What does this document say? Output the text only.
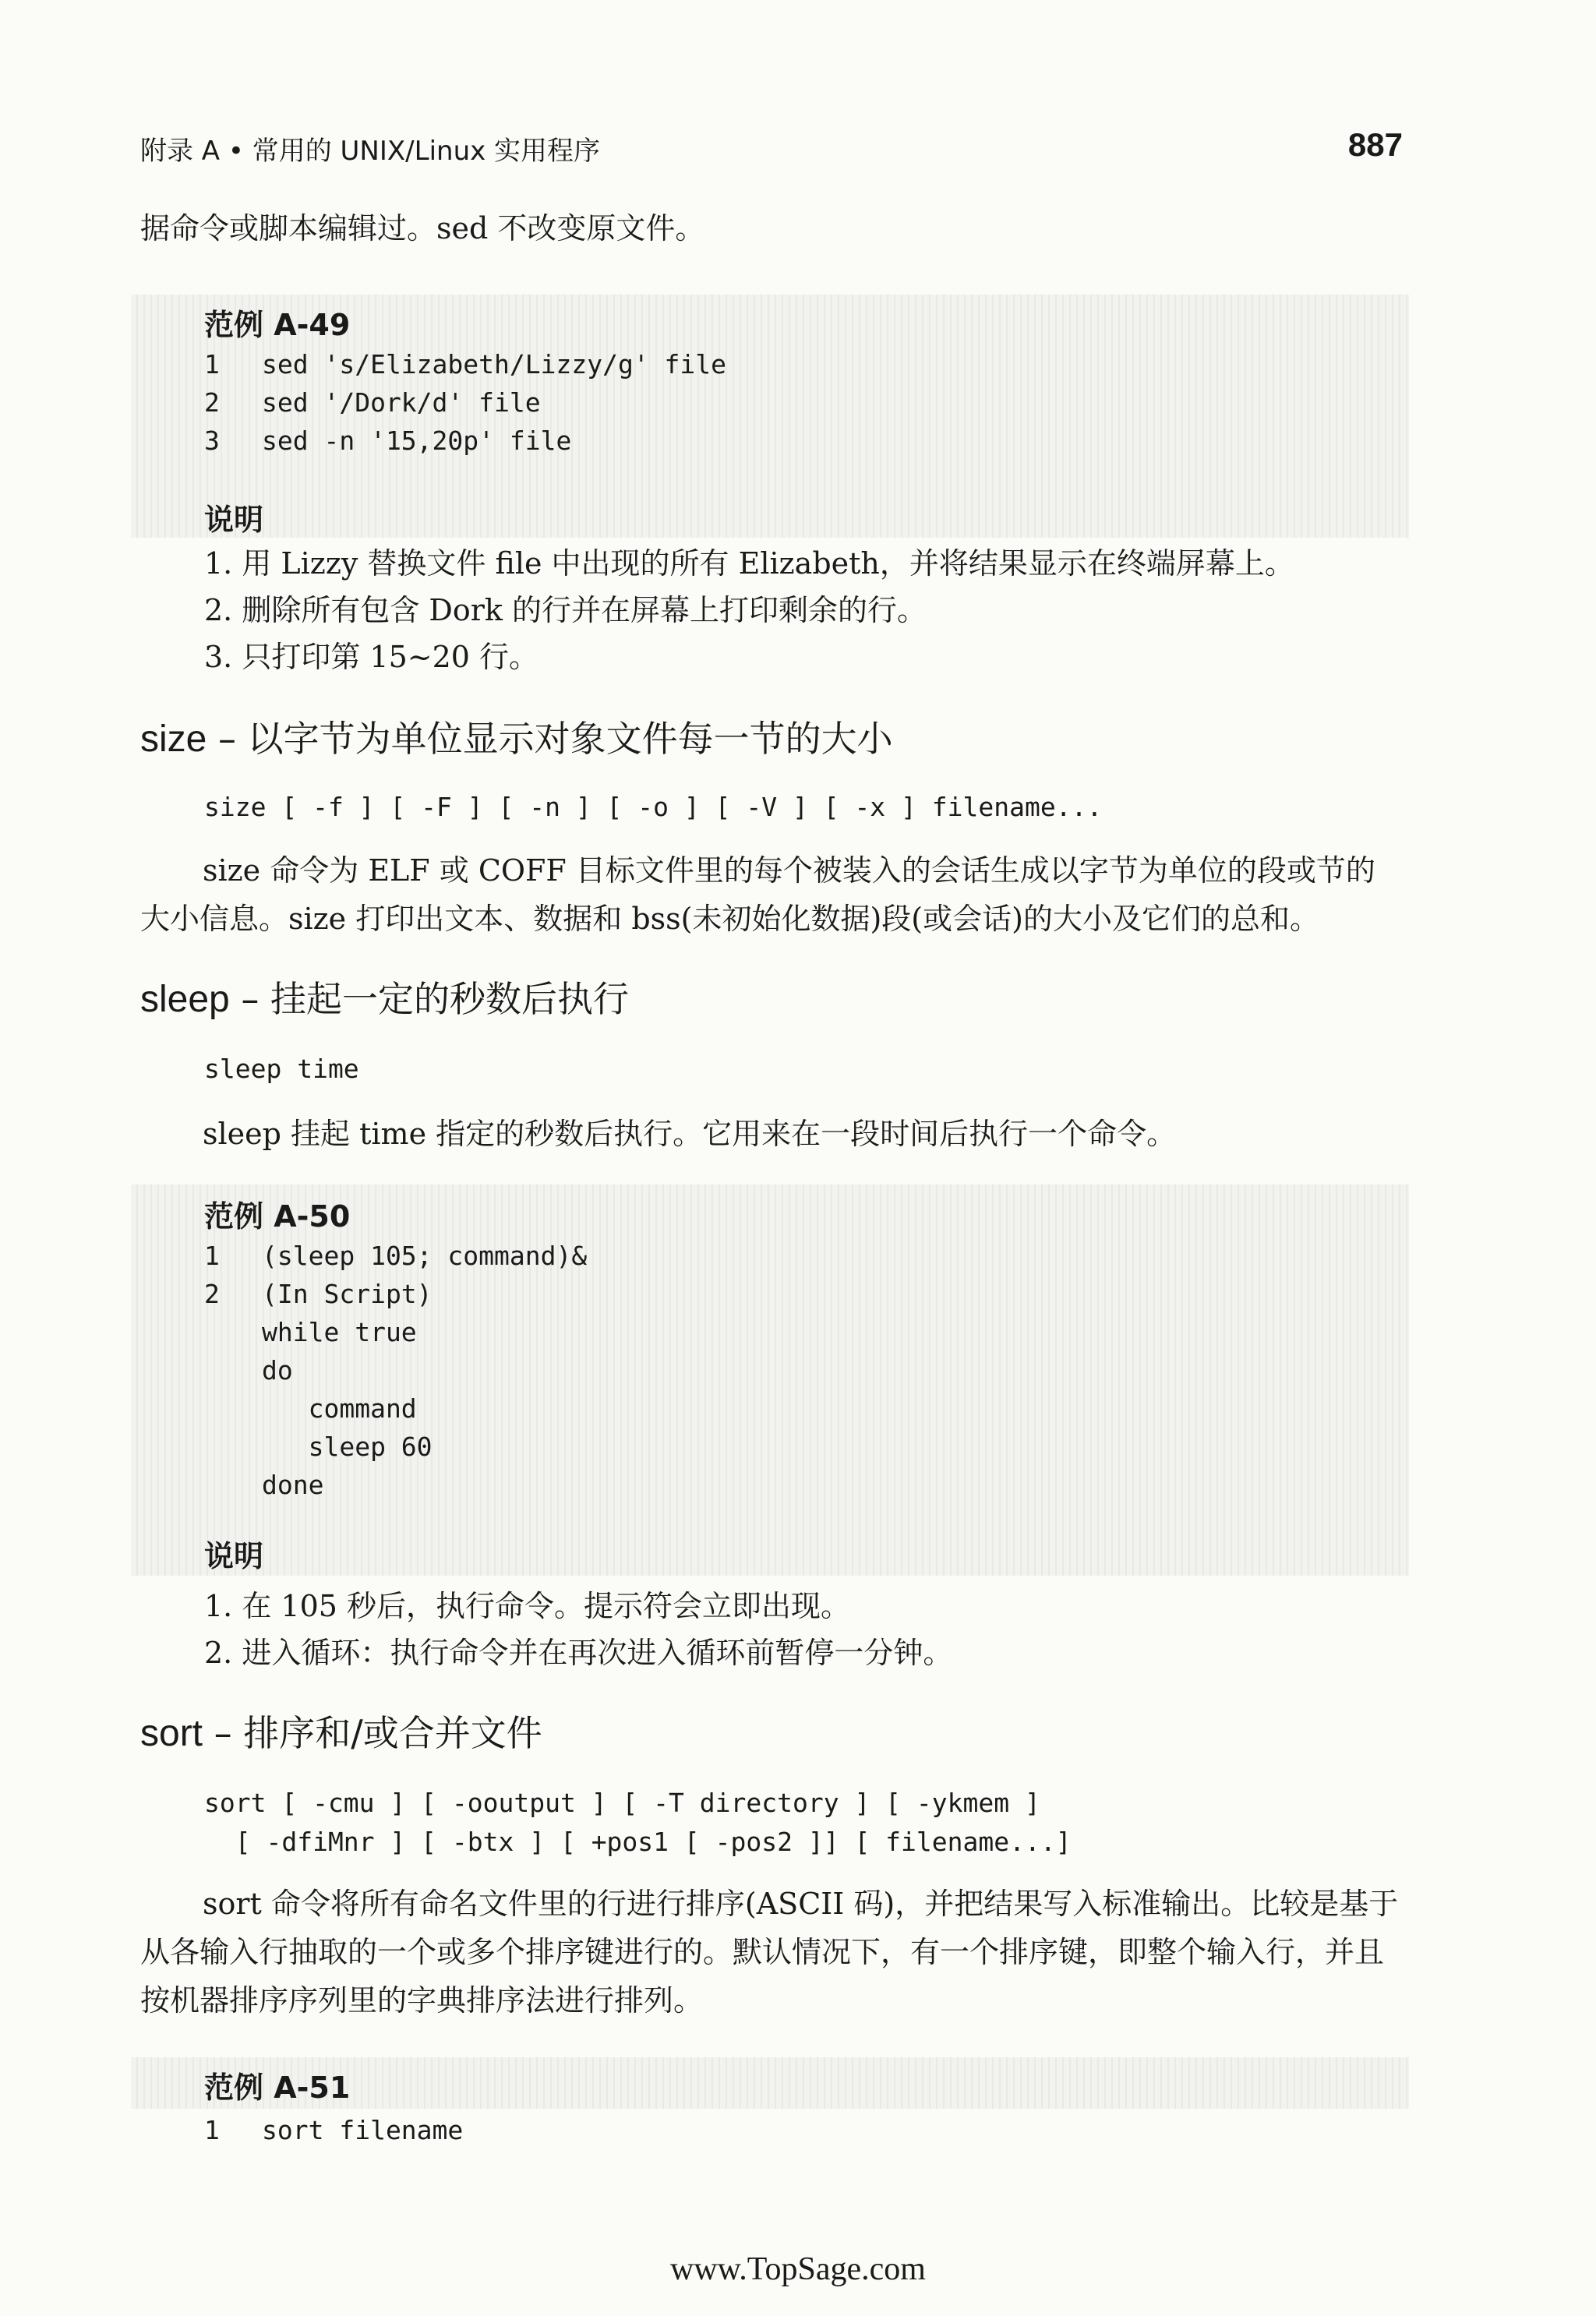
附录 A • 常用的 UNIX/Linux 实用程序	887

据命令或脚本编辑过。sed 不改变原文件。

范例 A-49
1 sed 's/Elizabeth/Lizzy/g' file
2 sed '/Dork/d' file
3 sed -n '15,20p' file
说明
1. 用 Lizzy 替换文件 file 中出现的所有 Elizabeth，并将结果显示在终端屏幕上。
2. 删除所有包含 Dork 的行并在屏幕上打印剩余的行。
3. 只打印第 15~20 行。
size – 以字节为单位显示对象文件每一节的大小
size [ -f ] [ -F ] [ -n ] [ -o ] [ -V ] [ -x ] filename...

size 命令为 ELF 或 COFF 目标文件里的每个被装入的会话生成以字节为单位的段或节的大小信息。size 打印出文本、数据和 bss(未初始化数据)段(或会话)的大小及它们的总和。

sleep – 挂起一定的秒数后执行
sleep time

sleep 挂起 time 指定的秒数后执行。它用来在一段时间后执行一个命令。

范例 A-50
1 (sleep 105; command)&
2 (In Script)
while true
do
command
sleep 60
done
说明
1. 在 105 秒后，执行命令。提示符会立即出现。
2. 进入循环：执行命令并在再次进入循环前暂停一分钟。
sort – 排序和/或合并文件
sort [ -cmu ] [ -ooutput ] [ -T directory ] [ -ykmem ]
[ -dfiMnr ] [ -btx ] [ +pos1 [ -pos2 ]] [ filename...]

sort 命令将所有命名文件里的行进行排序(ASCII 码)，并把结果写入标准输出。比较是基于从各输入行抽取的一个或多个排序键进行的。默认情况下，有一个排序键，即整个输入行，并且按机器排序序列里的字典排序法进行排列。

范例 A-51
1 sort filename
www.TopSage.com
